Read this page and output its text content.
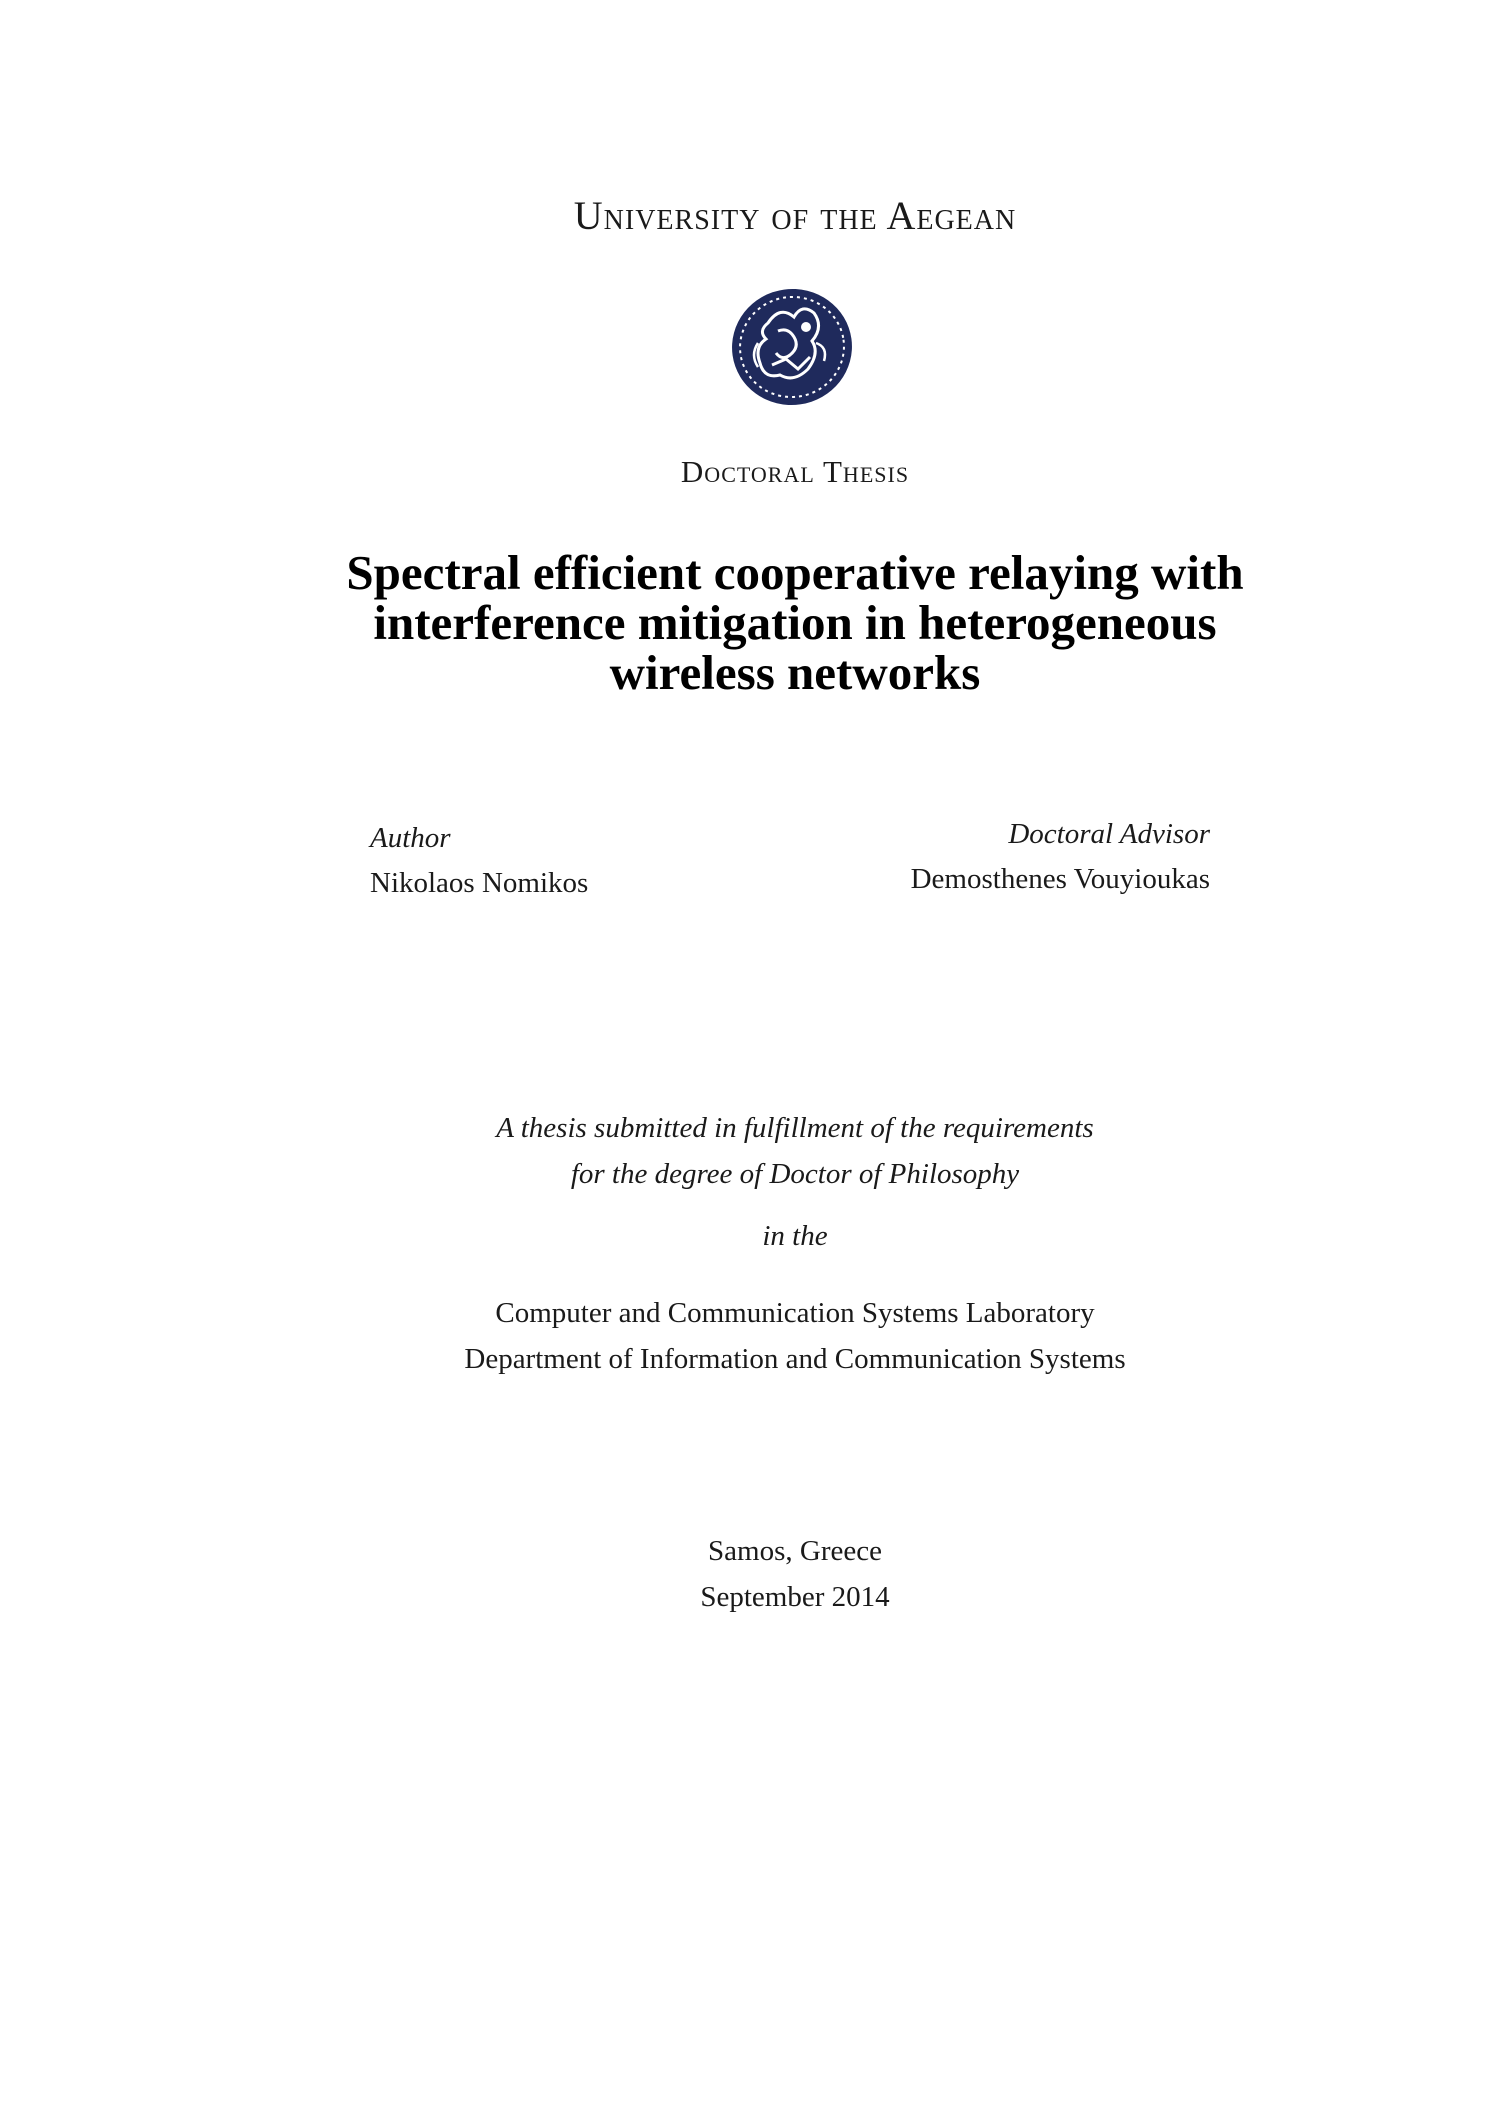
University of the Aegean
Doctoral Thesis
Spectral efficient cooperative relaying with
interference mitigation in heterogeneous
wireless networks
Author
Nikolaos Nomikos
Doctoral Advisor
Demosthenes Vouyioukas
A thesis submitted in fulfillment of the requirements
for the degree of Doctor of Philosophy
in the
Computer and Communication Systems Laboratory
Department of Information and Communication Systems
Samos, Greece
September 2014
